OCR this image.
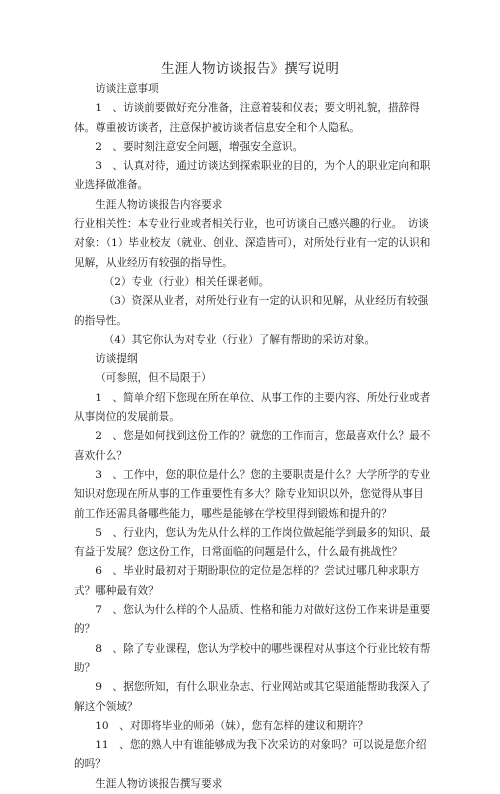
生涯人物访谈报告》撰写说明

访谈注意事项

1　、访谈前要做好充分准备，注意着装和仪表；要文明礼貌，措辞得体。尊重被访谈者，注意保护被访谈者信息安全和个人隐私。

2　、要时刻注意安全问题，增强安全意识。

3　、认真对待，通过访谈达到探索职业的目的，为个人的职业定向和职业选择做准备。

生涯人物访谈报告内容要求

行业相关性：本专业行业或者相关行业，也可访谈自己感兴趣的行业。　访谈对象：（1）毕业校友（就业、创业、深造皆可），对所处行业有一定的认识和见解，从业经历有较强的指导性。

（2）专业（行业）相关任课老师。

（3）资深从业者，对所处行业有一定的认识和见解，从业经历有较强的指导性。

（4）其它你认为对专业（行业）了解有帮助的采访对象。

访谈提纲

（可参照，但不局限于）

1　、简单介绍下您现在所在单位、从事工作的主要内容、所处行业或者从事岗位的发展前景。

2　、您是如何找到这份工作的？就您的工作而言，您最喜欢什么？最不喜欢什么？

3　、工作中，您的职位是什么？您的主要职责是什么？大学所学的专业知识对您现在所从事的工作重要性有多大？除专业知识以外，您觉得从事目前工作还需具备哪些能力，哪些是能够在学校里得到锻炼和提升的？

5　、行业内，您认为先从什么样的工作岗位做起能学到最多的知识、最有益于发展？您这份工作，日常面临的问题是什么，什么最有挑战性？

6　、毕业时最初对于期盼职位的定位是怎样的？尝试过哪几种求职方式？哪种最有效？

7　、您认为什么样的个人品质、性格和能力对做好这份工作来讲是重要的？

8　、除了专业课程，您认为学校中的哪些课程对从事这个行业比较有帮助？

9　、据您所知，有什么职业杂志、行业网站或其它渠道能帮助我深入了解这个领域？

10　、对即将毕业的师弟（妹），您有怎样的建议和期许？

11　、您的熟人中有谁能够成为我下次采访的对象吗？可以说是您介绍的吗？

生涯人物访谈报告撰写要求
